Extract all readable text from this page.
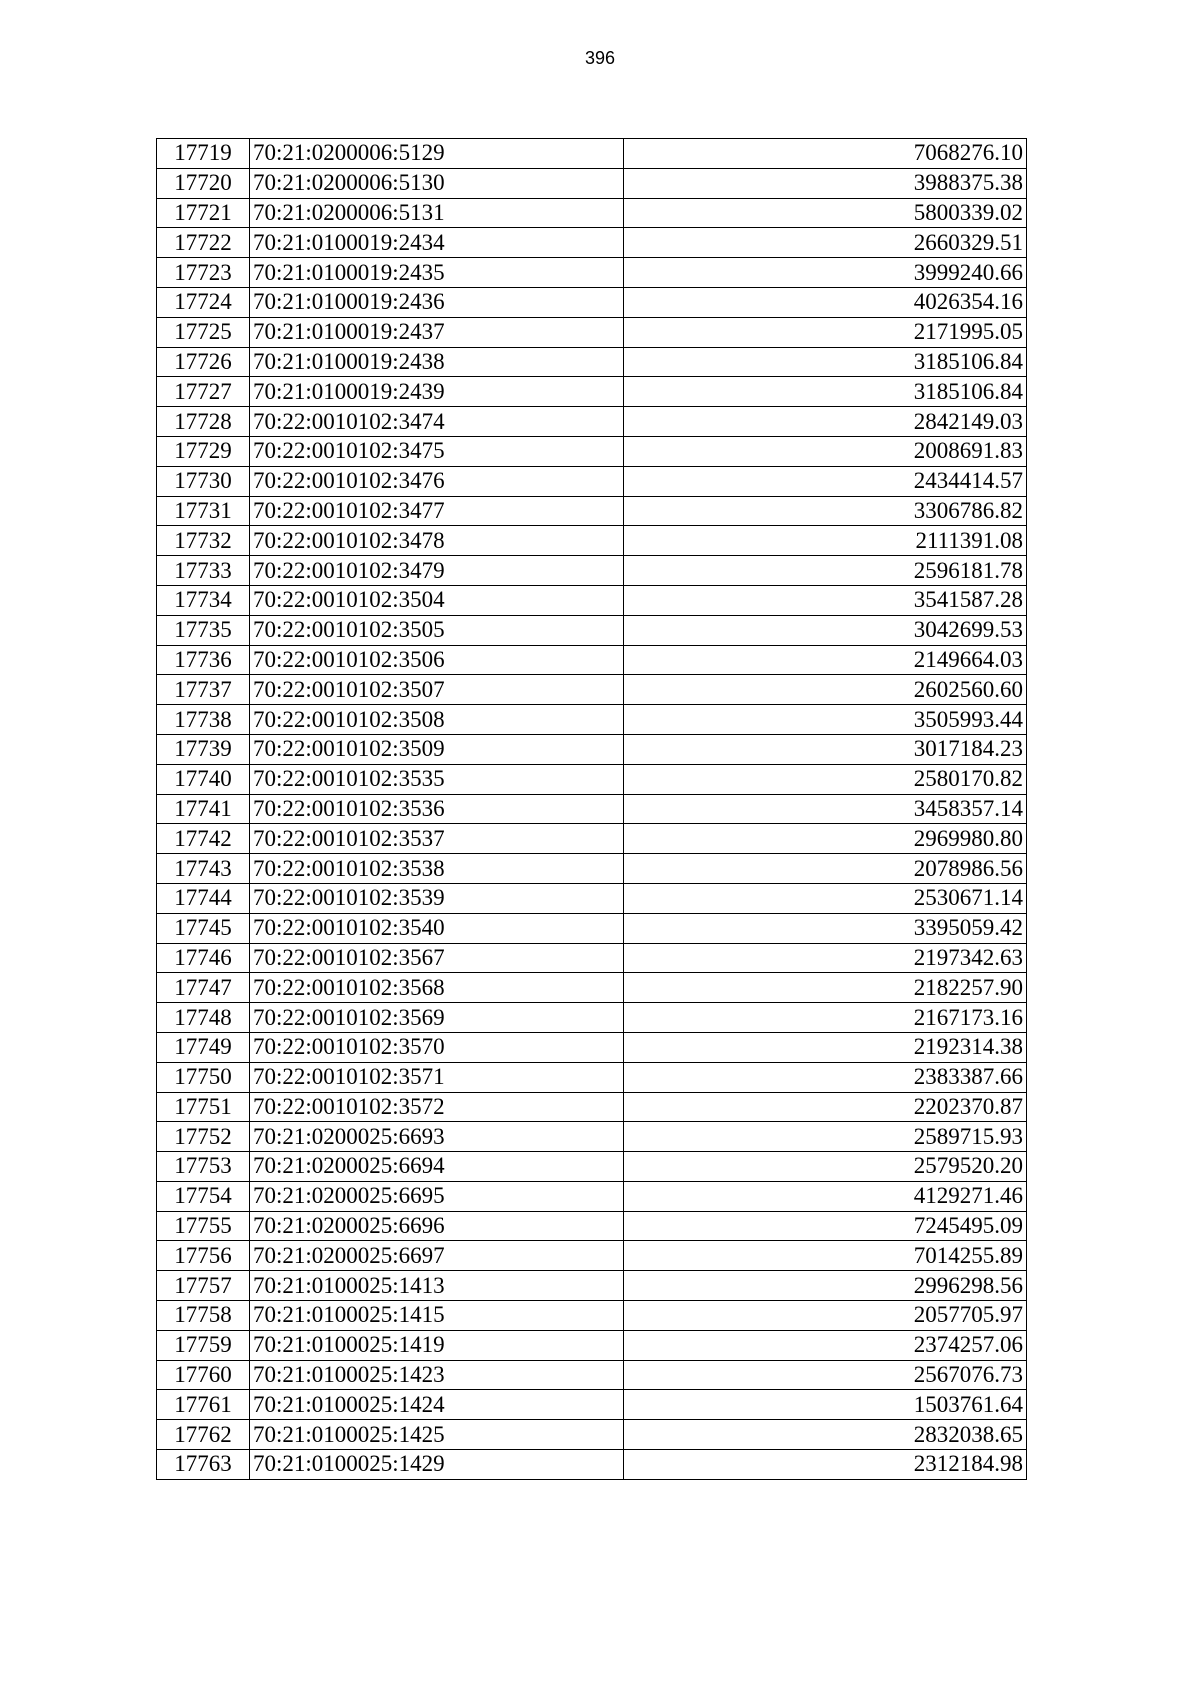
396
17719	70:21:0200006:5129	7068276.10
17720	70:21:0200006:5130	3988375.38
17721	70:21:0200006:5131	5800339.02
17722	70:21:0100019:2434	2660329.51
17723	70:21:0100019:2435	3999240.66
17724	70:21:0100019:2436	4026354.16
17725	70:21:0100019:2437	2171995.05
17726	70:21:0100019:2438	3185106.84
17727	70:21:0100019:2439	3185106.84
17728	70:22:0010102:3474	2842149.03
17729	70:22:0010102:3475	2008691.83
17730	70:22:0010102:3476	2434414.57
17731	70:22:0010102:3477	3306786.82
17732	70:22:0010102:3478	2111391.08
17733	70:22:0010102:3479	2596181.78
17734	70:22:0010102:3504	3541587.28
17735	70:22:0010102:3505	3042699.53
17736	70:22:0010102:3506	2149664.03
17737	70:22:0010102:3507	2602560.60
17738	70:22:0010102:3508	3505993.44
17739	70:22:0010102:3509	3017184.23
17740	70:22:0010102:3535	2580170.82
17741	70:22:0010102:3536	3458357.14
17742	70:22:0010102:3537	2969980.80
17743	70:22:0010102:3538	2078986.56
17744	70:22:0010102:3539	2530671.14
17745	70:22:0010102:3540	3395059.42
17746	70:22:0010102:3567	2197342.63
17747	70:22:0010102:3568	2182257.90
17748	70:22:0010102:3569	2167173.16
17749	70:22:0010102:3570	2192314.38
17750	70:22:0010102:3571	2383387.66
17751	70:22:0010102:3572	2202370.87
17752	70:21:0200025:6693	2589715.93
17753	70:21:0200025:6694	2579520.20
17754	70:21:0200025:6695	4129271.46
17755	70:21:0200025:6696	7245495.09
17756	70:21:0200025:6697	7014255.89
17757	70:21:0100025:1413	2996298.56
17758	70:21:0100025:1415	2057705.97
17759	70:21:0100025:1419	2374257.06
17760	70:21:0100025:1423	2567076.73
17761	70:21:0100025:1424	1503761.64
17762	70:21:0100025:1425	2832038.65
17763	70:21:0100025:1429	2312184.98
